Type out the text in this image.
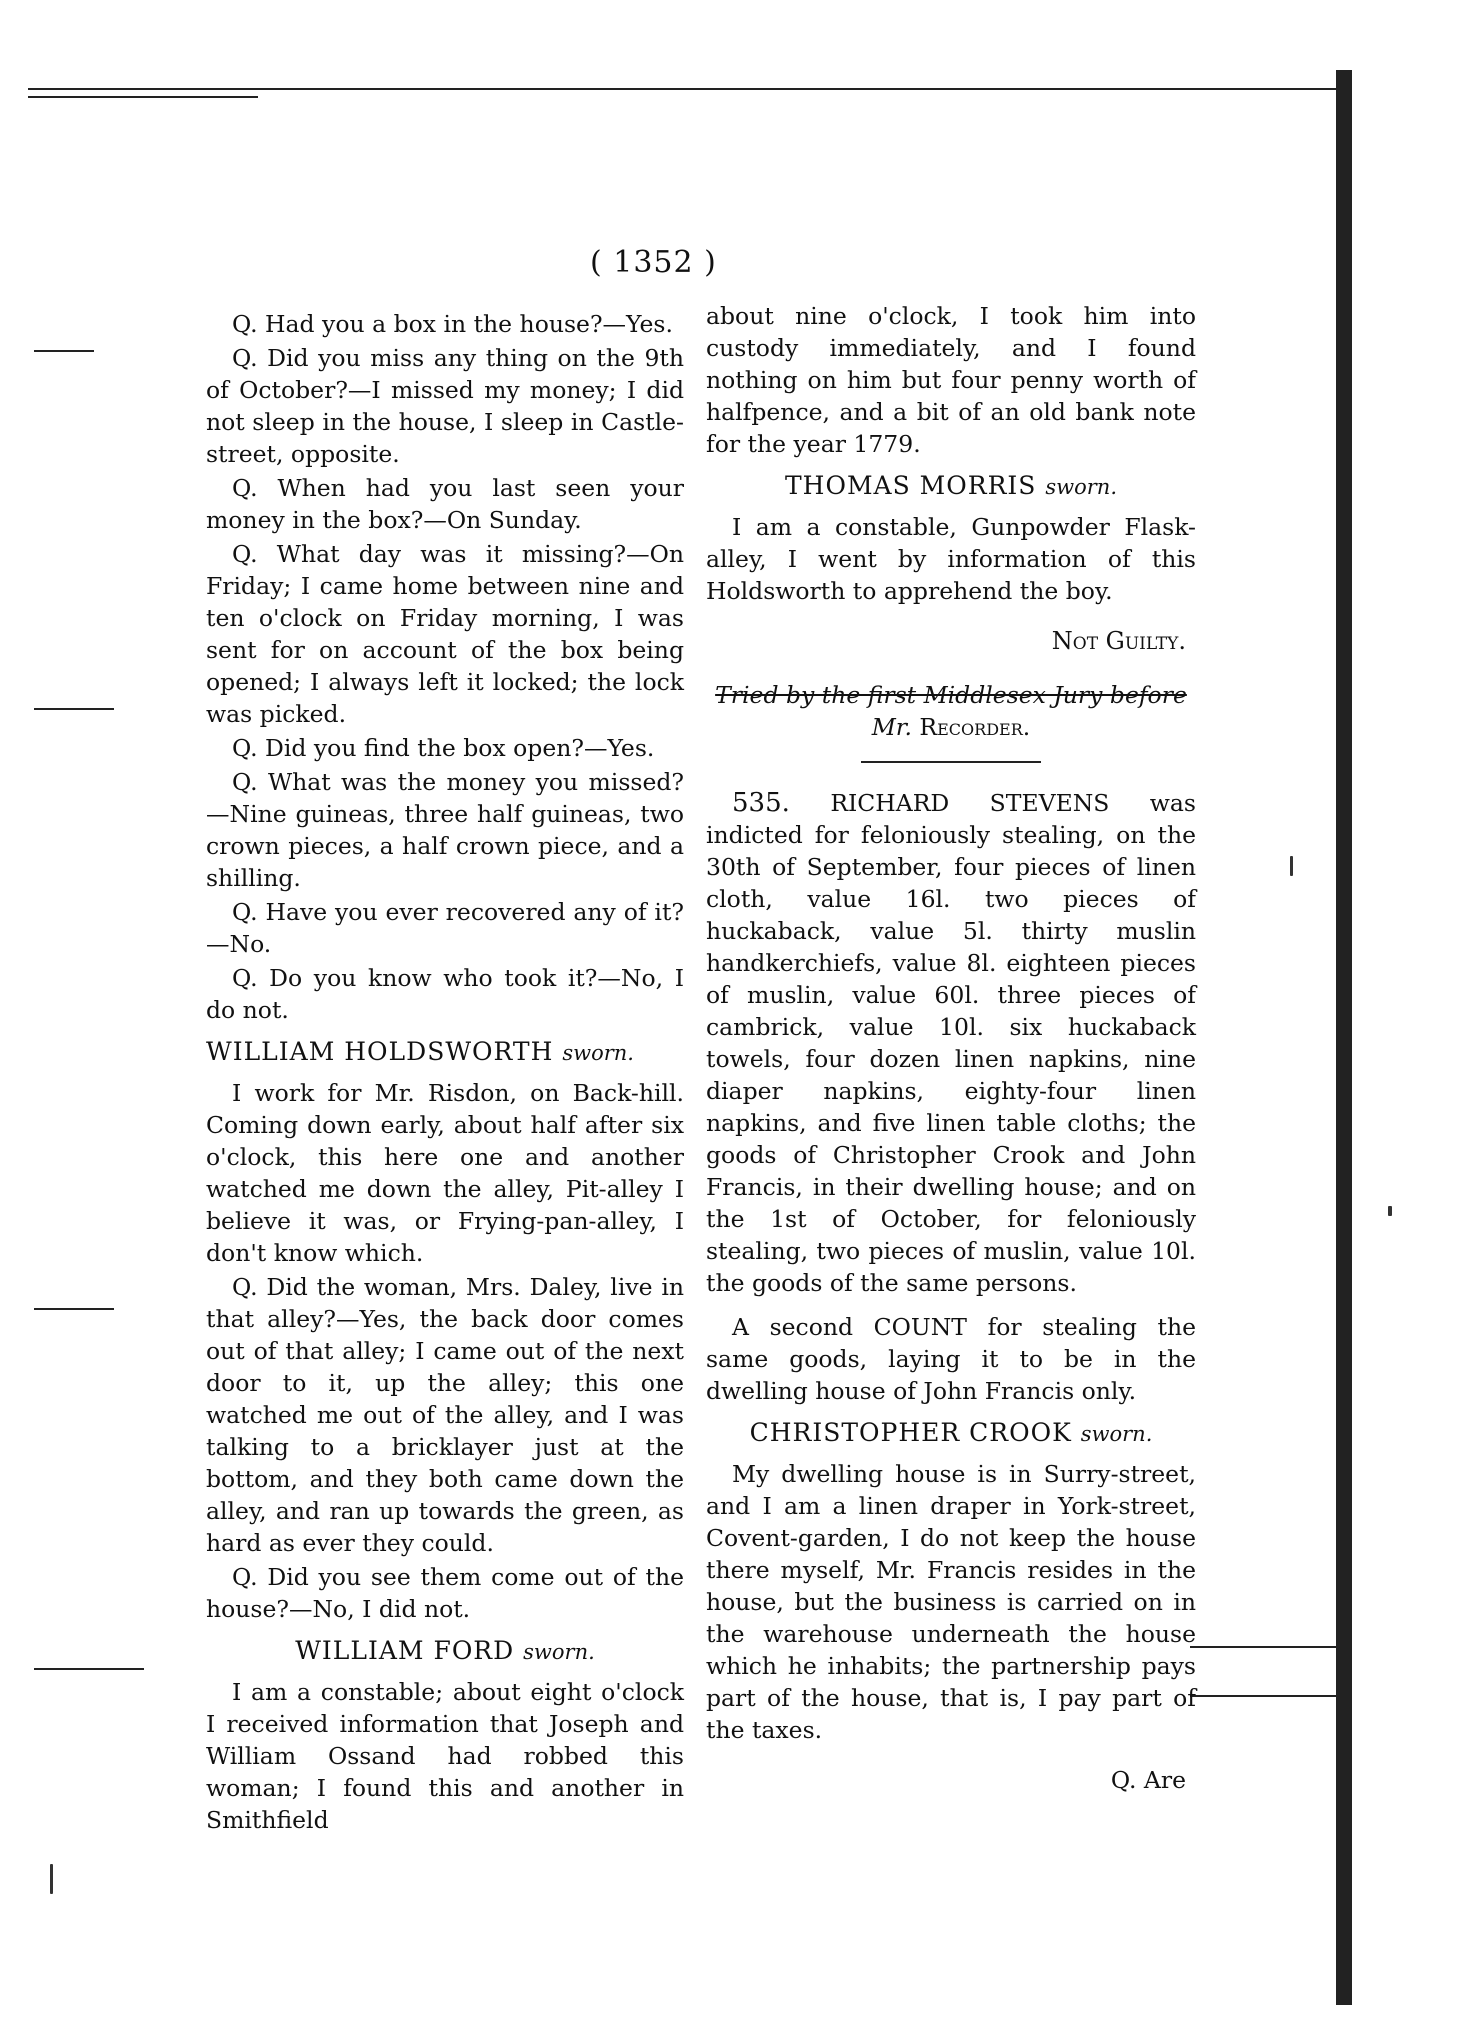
( 1352 )

Q. Had you a box in the house?—Yes.

Q. Did you miss any thing on the 9th of October?—I missed my money; I did not sleep in the house, I sleep in Castle-street, opposite.

Q. When had you last seen your money in the box?—On Sunday.

Q. What day was it missing?—On Friday; I came home between nine and ten o'clock on Friday morning, I was sent for on account of the box being opened; I always left it locked; the lock was picked.

Q. Did you find the box open?—Yes.

Q. What was the money you missed?—Nine guineas, three half guineas, two crown pieces, a half crown piece, and a shilling.

Q. Have you ever recovered any of it?—No.

Q. Do you know who took it?—No, I do not.

WILLIAM HOLDSWORTH sworn.

I work for Mr. Risdon, on Back-hill. Coming down early, about half after six o'clock, this here one and another watched me down the alley, Pit-alley I believe it was, or Frying-pan-alley, I don't know which.

Q. Did the woman, Mrs. Daley, live in that alley?—Yes, the back door comes out of that alley; I came out of the next door to it, up the alley; this one watched me out of the alley, and I was talking to a bricklayer just at the bottom, and they both came down the alley, and ran up towards the green, as hard as ever they could.

Q. Did you see them come out of the house?—No, I did not.

WILLIAM FORD sworn.

I am a constable; about eight o'clock I received information that Joseph and William Ossand had robbed this woman; I found this and another in Smithfield

about nine o'clock, I took him into custody immediately, and I found nothing on him but four penny worth of halfpence, and a bit of an old bank note for the year 1779.

THOMAS MORRIS sworn.

I am a constable, Gunpowder Flask-alley, I went by information of this Holdsworth to apprehend the boy.

Not Guilty.

Tried by the first Middlesex Jury before

Mr. Recorder.

535. RICHARD STEVENS was indicted for feloniously stealing, on the 30th of September, four pieces of linen cloth, value 16l. two pieces of huckaback, value 5l. thirty muslin handkerchiefs, value 8l. eighteen pieces of muslin, value 60l. three pieces of cambrick, value 10l. six huckaback towels, four dozen linen napkins, nine diaper napkins, eighty-four linen napkins, and five linen table cloths; the goods of Christopher Crook and John Francis, in their dwelling house; and on the 1st of October, for feloniously stealing, two pieces of muslin, value 10l. the goods of the same persons.

A second COUNT for stealing the same goods, laying it to be in the dwelling house of John Francis only.

CHRISTOPHER CROOK sworn.

My dwelling house is in Surry-street, and I am a linen draper in York-street, Covent-garden, I do not keep the house there myself, Mr. Francis resides in the house, but the business is carried on in the warehouse underneath the house which he inhabits; the partnership pays part of the house, that is, I pay part of the taxes.

Q. Are
